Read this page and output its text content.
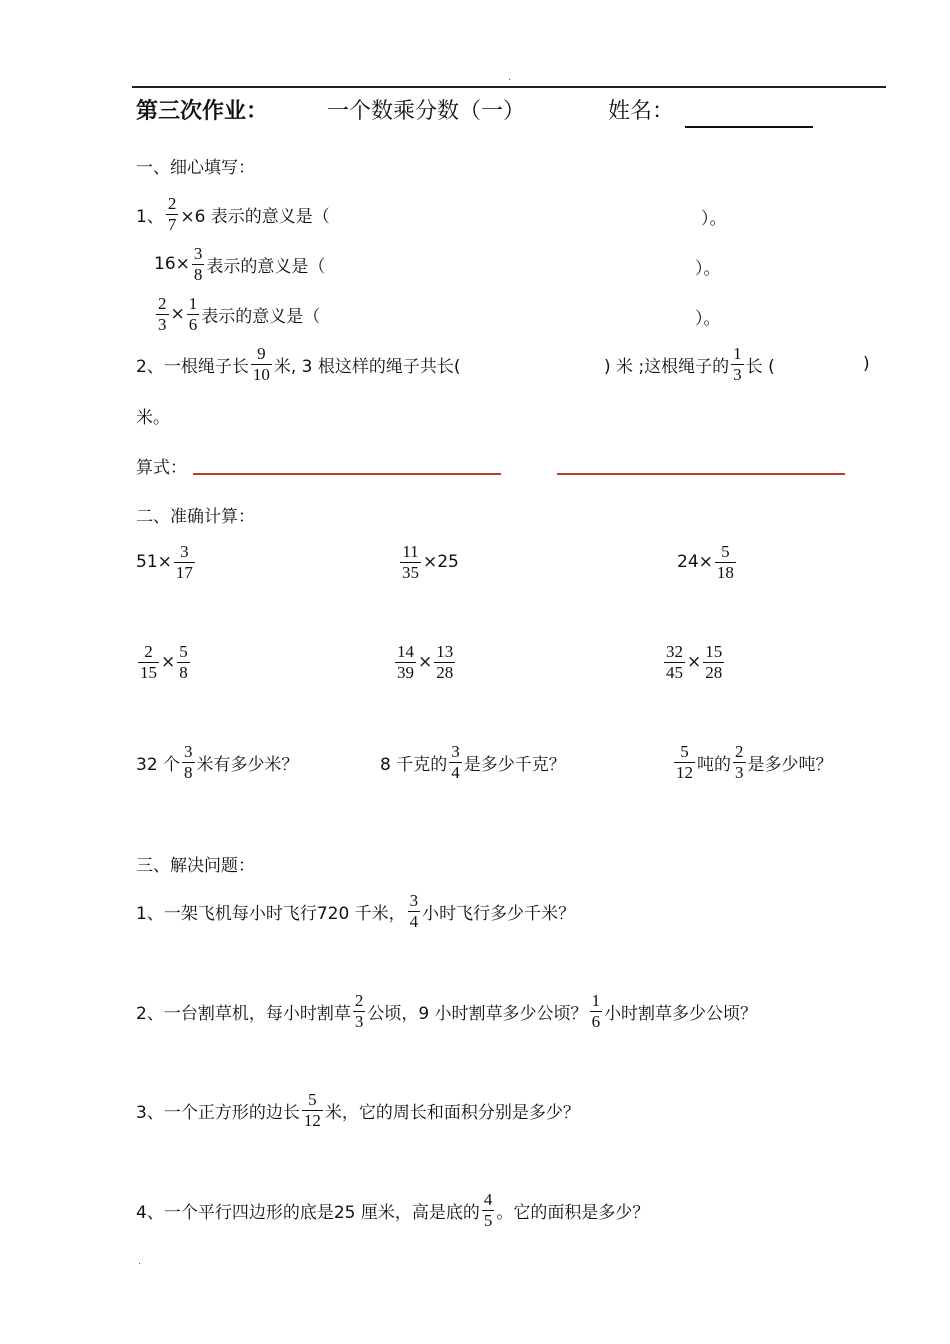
.
第三次作业：	一个数乘分数（一）	姓名：
一、细心填写：
1、 $\frac{2}{7} \times 6$ 表示的意义是（	）。
$16\times \frac{3}{8}$ 表示的意义是（	）。
$\frac{2}{3} \times \frac{1}{6}$ 表示的意义是（	）。
2、一根绳子长 $\frac{9}{10}$ 米, 3 根这样的绳子共长(	) 米 ;这根绳子的 $\frac{1}{3}$ 长 (	)
米。
算式：
二、准确计算：
$51\times \frac{3}{17}$	$\frac{11}{35} \times 25$	$24\times \frac{5}{18}$
$\frac{2}{15} \times \frac{5}{8}$	$\frac{14}{39} \times \frac{13}{28}$	$\frac{32}{45} \times \frac{15}{28}$
32 个 $\frac{3}{8}$ 米有多少米？	8 千克的 $\frac{3}{4}$ 是多少千克？	$\frac{5}{12}$ 吨的 $\frac{2}{3}$ 是多少吨？
三、解决问题：
1、一架飞机每小时飞行720 千米， $\frac{3}{4}$ 小时飞行多少千米？
2、一台割草机，每小时割草 $\frac{2}{3}$ 公顷，9 小时割草多少公顷？ $\frac{1}{6}$ 小时割草多少公顷？
3、一个正方形的边长 $\frac{5}{12}$ 米，它的周长和面积分别是多少？
4、一个平行四边形的底是25 厘米，高是底的 $\frac{4}{5}$ 。它的面积是多少？
.
